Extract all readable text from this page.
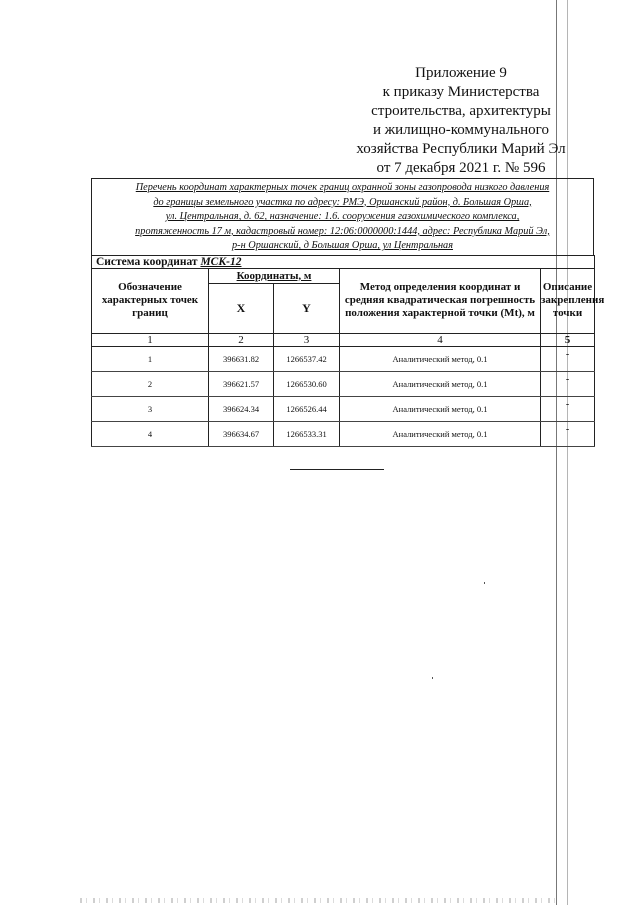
Приложение 9
к приказу Министерства
строительства, архитектуры
и жилищно-коммунального
хозяйства Республики Марий Эл
от 7 декабря 2021 г. № 596
Перечень координат характерных точек границ охранной зоны газопровода низкого давления
до границы земельного участка по адресу: РМЭ, Оршанский район, д. Большая Орша,
ул. Центральная, д. 62, назначение: 1.6. сооружения газохимического комплекса,
протяженность 17 м, кадастровый номер: 12:06:0000000:1444, адрес: Республика Марий Эл,
р-н Оршанский, д Большая Орша, ул Центральная
Система координат МСК-12				
Обозначение характерных точек границ	Координаты, м		Метод определения координат и средняя квадратическая погрешность положения характерной точки (Mt), м	Описание закрепления точки
	X	Y		
1	2	3	4	5
1	396631.82	1266537.42	Аналитический метод, 0.1	-
2	396621.57	1266530.60	Аналитический метод, 0.1	-
3	396624.34	1266526.44	Аналитический метод, 0.1	-
4	396634.67	1266533.31	Аналитический метод, 0.1	-
